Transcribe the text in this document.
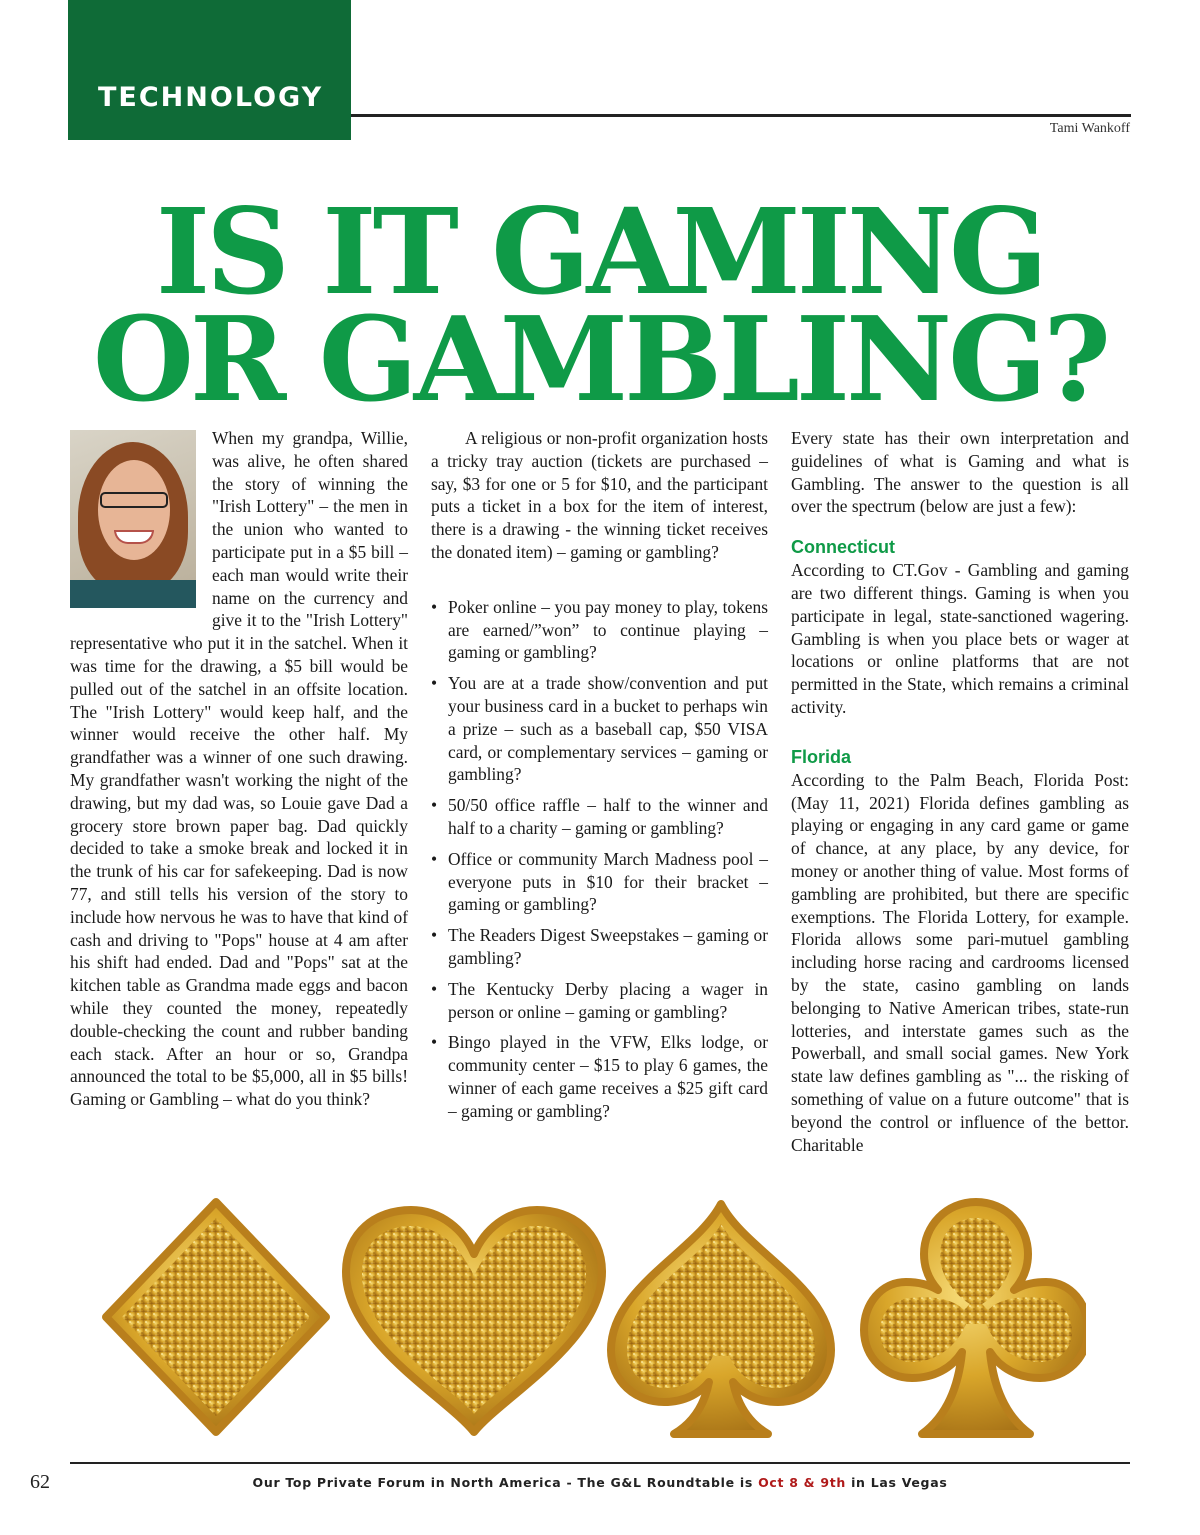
TECHNOLOGY
Tami Wankoff
IS IT GAMING
OR GAMBLING?

When my grandpa, Willie, was alive, he often shared the story of winning the "Irish Lottery" – the men in the union who wanted to participate put in a $5 bill – each man would write their name on the currency and give it to the "Irish Lottery" representative who put it in the satchel. When it was time for the drawing, a $5 bill would be pulled out of the satchel in an offsite location. The "Irish Lottery" would keep half, and the winner would receive the other half. My grandfather was a winner of one such drawing. My grandfather wasn't working the night of the drawing, but my dad was, so Louie gave Dad a grocery store brown paper bag. Dad quickly decided to take a smoke break and locked it in the trunk of his car for safekeeping. Dad is now 77, and still tells his version of the story to include how nervous he was to have that kind of cash and driving to "Pops" house at 4 am after his shift had ended. Dad and "Pops" sat at the kitchen table as Grandma made eggs and bacon while they counted the money, repeatedly double-checking the count and rubber banding each stack. After an hour or so, Grandpa announced the total to be $5,000, all in $5 bills! Gaming or Gambling – what do you think?

A religious or non-profit organization hosts a tricky tray auction (tickets are purchased – say, $3 for one or 5 for $10, and the participant puts a ticket in a box for the item of interest, there is a drawing - the winning ticket receives the donated item) – gaming or gambling?

• Poker online – you pay money to play, tokens are earned/”won” to continue playing – gaming or gambling?
• You are at a trade show/convention and put your business card in a bucket to perhaps win a prize – such as a baseball cap, $50 VISA card, or complementary services – gaming or gambling?
• 50/50 office raffle – half to the winner and half to a charity – gaming or gambling?
• Office or community March Madness pool – everyone puts in $10 for their bracket – gaming or gambling?
• The Readers Digest Sweepstakes – gaming or gambling?
• The Kentucky Derby placing a wager in person or online – gaming or gambling?
• Bingo played in the VFW, Elks lodge, or community center – $15 to play 6 games, the winner of each game receives a $25 gift card – gaming or gambling?

Every state has their own interpretation and guidelines of what is Gaming and what is Gambling. The answer to the question is all over the spectrum (below are just a few):

Connecticut

According to CT.Gov - Gambling and gaming are two different things. Gaming is when you participate in legal, state-sanctioned wagering. Gambling is when you place bets or wager at locations or online platforms that are not permitted in the State, which remains a criminal activity.

Florida

According to the Palm Beach, Florida Post: (May 11, 2021) Florida defines gambling as playing or engaging in any card game or game of chance, at any place, by any device, for money or another thing of value. Most forms of gambling are prohibited, but there are specific exemptions. The Florida Lottery, for example. Florida allows some pari-mutuel gambling including horse racing and cardrooms licensed by the state, casino gambling on lands belonging to Native American tribes, state-run lotteries, and interstate games such as the Powerball, and small social games. New York state law defines gambling as "... the risking of something of value on a future outcome" that is beyond the control or influence of the bettor. Charitable

62	Our Top Private Forum in North America - The G&L Roundtable is Oct 8 & 9th in Las Vegas
